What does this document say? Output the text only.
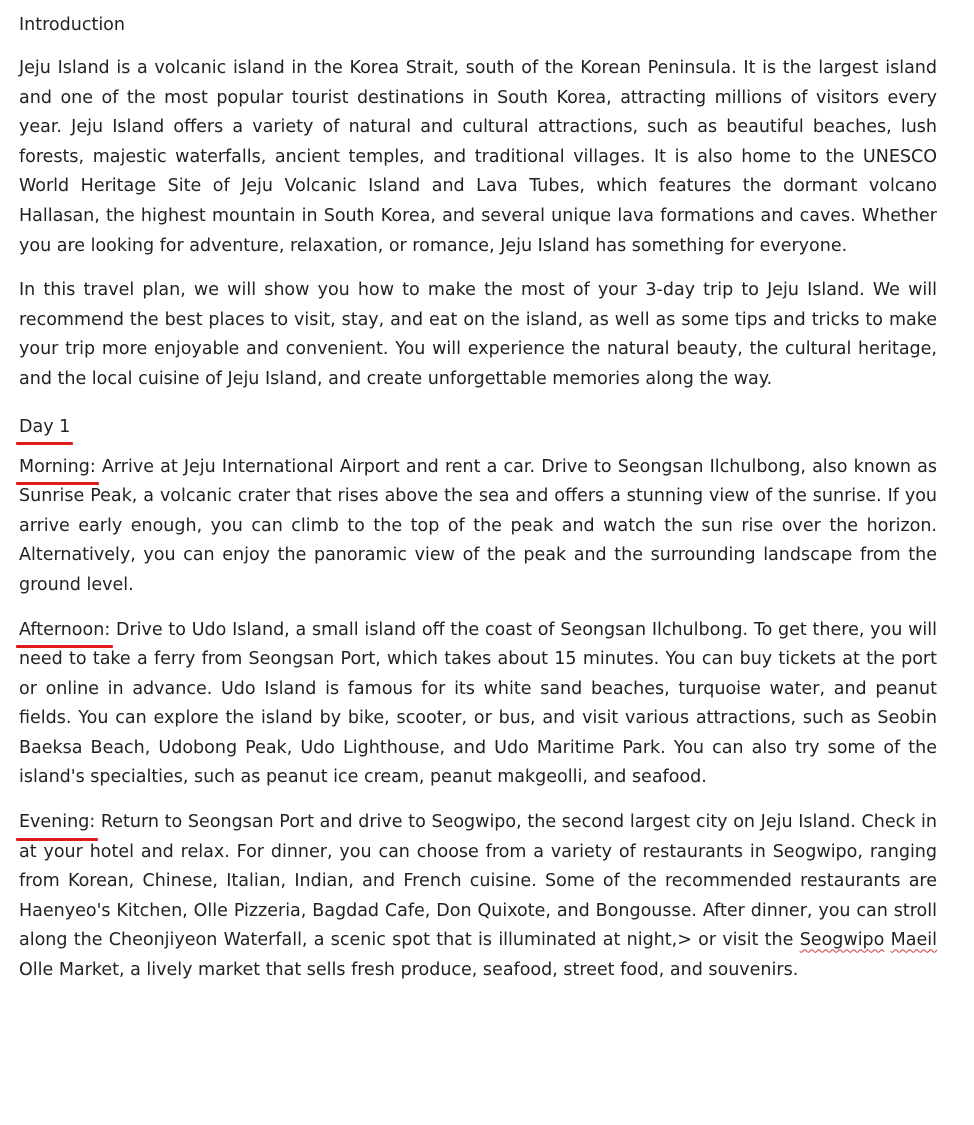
Introduction

Jeju Island is a volcanic island in the Korea Strait, south of the Korean Peninsula. It is the largest island and one of the most popular tourist destinations in South Korea, attracting millions of visitors every year. Jeju Island offers a variety of natural and cultural attractions, such as beautiful beaches, lush forests, majestic waterfalls, ancient temples, and traditional villages. It is also home to the UNESCO World Heritage Site of Jeju Volcanic Island and Lava Tubes, which features the dormant volcano Hallasan, the highest mountain in South Korea, and several unique lava formations and caves. Whether you are looking for adventure, relaxation, or romance, Jeju Island has something for everyone.

In this travel plan, we will show you how to make the most of your 3-day trip to Jeju Island. We will recommend the best places to visit, stay, and eat on the island, as well as some tips and tricks to make your trip more enjoyable and convenient. You will experience the natural beauty, the cultural heritage, and the local cuisine of Jeju Island, and create unforgettable memories along the way.

Day 1

Morning: Arrive at Jeju International Airport and rent a car. Drive to Seongsan Ilchulbong, also known as Sunrise Peak, a volcanic crater that rises above the sea and offers a stunning view of the sunrise. If you arrive early enough, you can climb to the top of the peak and watch the sun rise over the horizon. Alternatively, you can enjoy the panoramic view of the peak and the surrounding landscape from the ground level.

Afternoon: Drive to Udo Island, a small island off the coast of Seongsan Ilchulbong. To get there, you will need to take a ferry from Seongsan Port, which takes about 15 minutes. You can buy tickets at the port or online in advance. Udo Island is famous for its white sand beaches, turquoise water, and peanut fields. You can explore the island by bike, scooter, or bus, and visit various attractions, such as Seobin Baeksa Beach, Udobong Peak, Udo Lighthouse, and Udo Maritime Park. You can also try some of the island's specialties, such as peanut ice cream, peanut makgeolli, and seafood.

Evening: Return to Seongsan Port and drive to Seogwipo, the second largest city on Jeju Island. Check in at your hotel and relax. For dinner, you can choose from a variety of restaurants in Seogwipo, ranging from Korean, Chinese, Italian, Indian, and French cuisine. Some of the recommended restaurants are Haenyeo's Kitchen, Olle Pizzeria, Bagdad Cafe, Don Quixote, and Bongousse. After dinner, you can stroll along the Cheonjiyeon Waterfall, a scenic spot that is illuminated at night,> or visit the Seogwipo Maeil Olle Market, a lively market that sells fresh produce, seafood, street food, and souvenirs.
